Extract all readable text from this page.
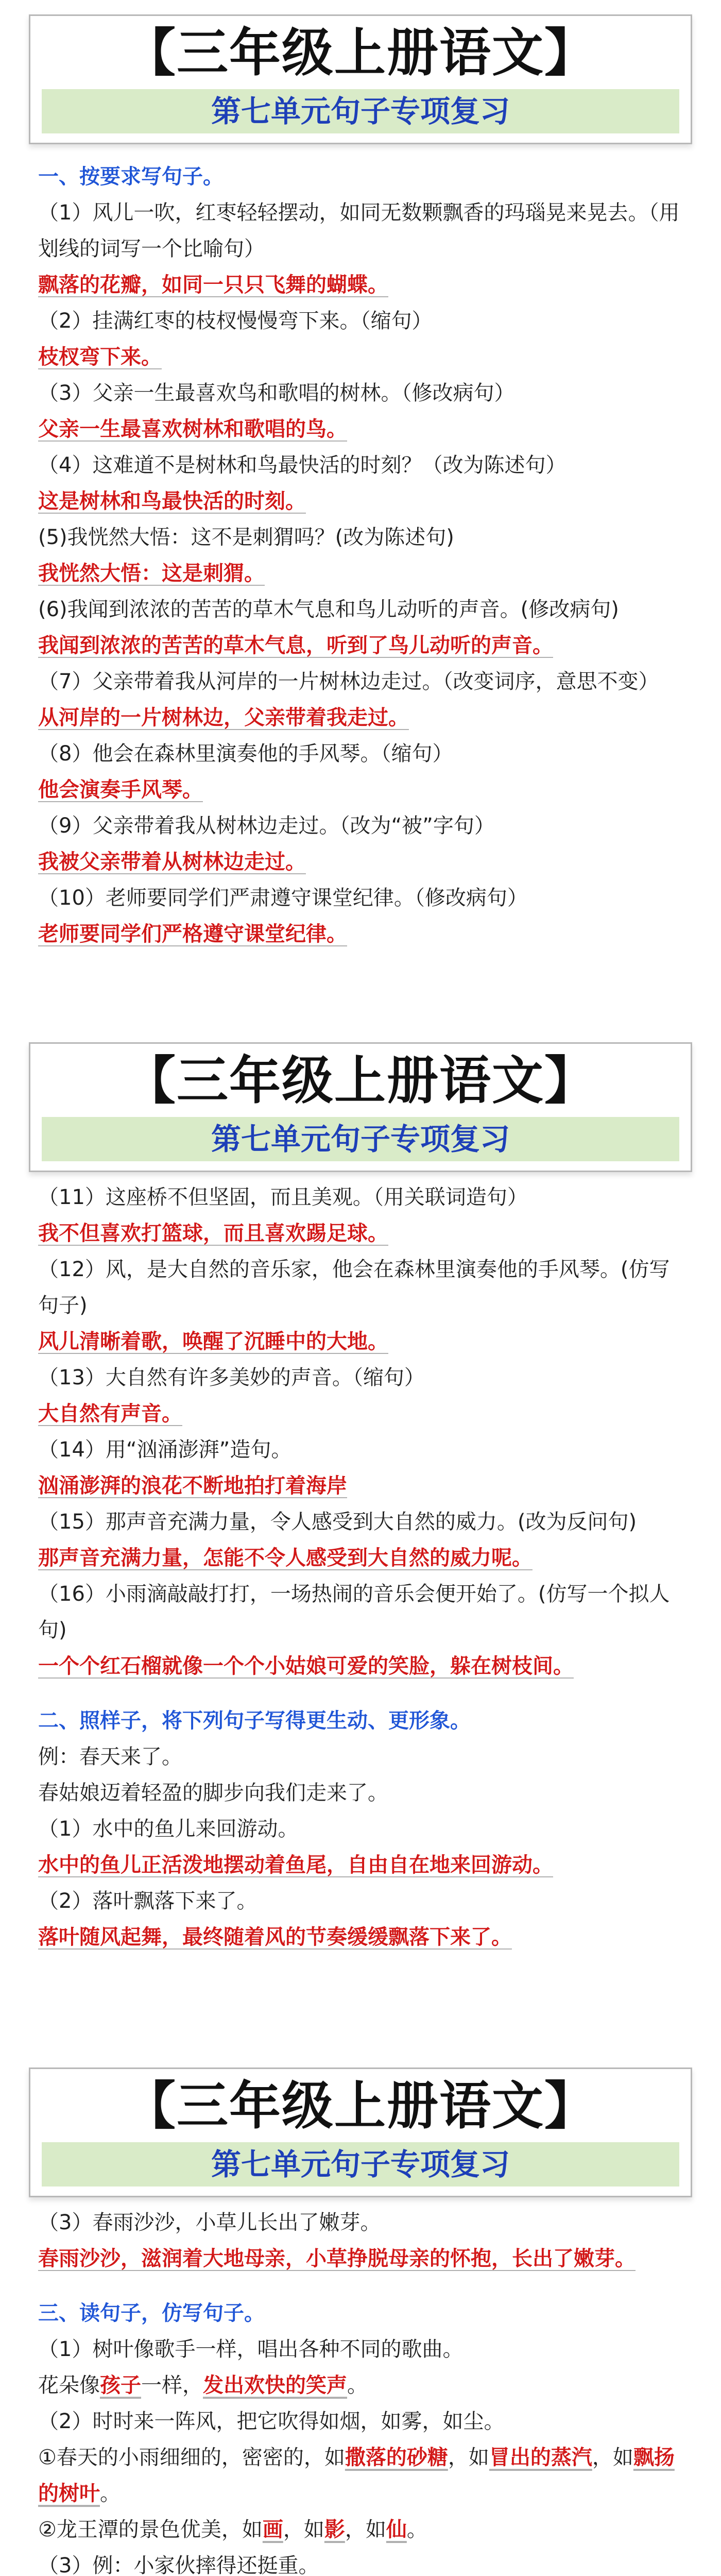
【三年级上册语文】
第七单元句子专项复习

一、按要求写句子。

（1）风儿一吹，红枣轻轻摆动，如同无数颗飘香的玛瑙晃来晃去。（用划线的词写一个比喻句）

飘落的花瓣，如同一只只飞舞的蝴蝶。

（2）挂满红枣的枝杈慢慢弯下来。（缩句）

枝杈弯下来。

（3）父亲一生最喜欢鸟和歌唱的树林。（修改病句）

父亲一生最喜欢树林和歌唱的鸟。

（4）这难道不是树林和鸟最快活的时刻？（改为陈述句）

这是树林和鸟最快活的时刻。

(5)我恍然大悟：这不是刺猬吗？(改为陈述句)

我恍然大悟：这是刺猬。

(6)我闻到浓浓的苦苦的草木气息和鸟儿动听的声音。(修改病句)

我闻到浓浓的苦苦的草木气息，听到了鸟儿动听的声音。

（7）父亲带着我从河岸的一片树林边走过。（改变词序，意思不变）

从河岸的一片树林边，父亲带着我走过。

（8）他会在森林里演奏他的手风琴。（缩句）

他会演奏手风琴。

（9）父亲带着我从树林边走过。（改为“被”字句）

我被父亲带着从树林边走过。

（10）老师要同学们严肃遵守课堂纪律。（修改病句）

老师要同学们严格遵守课堂纪律。

【三年级上册语文】
第七单元句子专项复习

（11）这座桥不但坚固，而且美观。（用关联词造句）

我不但喜欢打篮球，而且喜欢踢足球。

（12）风，是大自然的音乐家，他会在森林里演奏他的手风琴。(仿写句子)

风儿清晰着歌，唤醒了沉睡中的大地。

（13）大自然有许多美妙的声音。（缩句）

大自然有声音。

（14）用“汹涌澎湃”造句。

汹涌澎湃的浪花不断地拍打着海岸

（15）那声音充满力量，令人感受到大自然的威力。(改为反问句)

那声音充满力量，怎能不令人感受到大自然的威力呢。

（16）小雨滴敲敲打打，一场热闹的音乐会便开始了。(仿写一个拟人句)

一个个红石榴就像一个个小姑娘可爱的笑脸，躲在树枝间。

二、照样子，将下列句子写得更生动、更形象。

例：春天来了。

春姑娘迈着轻盈的脚步向我们走来了。

（1）水中的鱼儿来回游动。

水中的鱼儿正活泼地摆动着鱼尾，自由自在地来回游动。

（2）落叶飘落下来了。

落叶随风起舞，最终随着风的节奏缓缓飘落下来了。

【三年级上册语文】
第七单元句子专项复习

（3）春雨沙沙，小草儿长出了嫩芽。

春雨沙沙，滋润着大地母亲，小草挣脱母亲的怀抱，长出了嫩芽。

三、读句子，仿写句子。

（1）树叶像歌手一样，唱出各种不同的歌曲。

花朵像孩子一样，发出欢快的笑声。

（2）时时来一阵风，把它吹得如烟，如雾，如尘。

①春天的小雨细细的，密密的，如撒落的砂糖，如冒出的蒸汽，如飘扬的树叶。

②龙王潭的景色优美，如画，如影，如仙。

（3）例：小家伙摔得还挺重。
